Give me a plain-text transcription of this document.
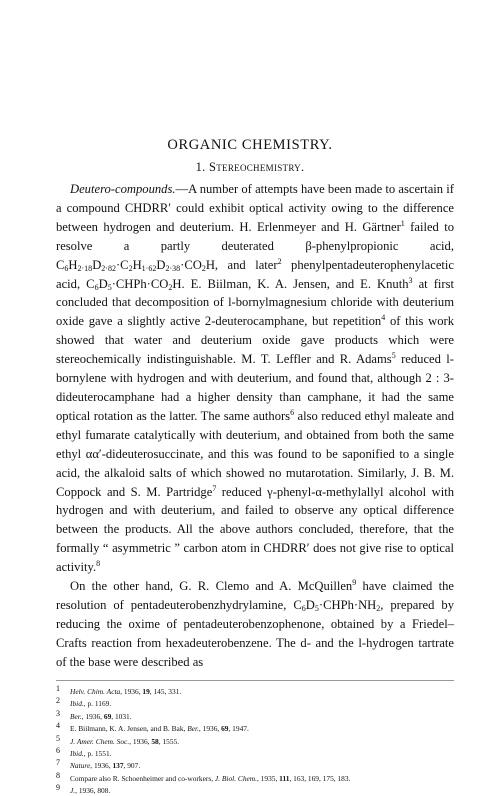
ORGANIC CHEMISTRY.
1. Stereochemistry.

Deutero-compounds.—A number of attempts have been made to ascertain if a compound CHDRR′ could exhibit optical activity owing to the difference between hydrogen and deuterium. H. Erlenmeyer and H. Gärtner$^1$ failed to resolve a partly deuterated β-phenylpropionic acid, $C_6H_{2\cdot 18}D_{2\cdot 82}\cdot C_2H_{1\cdot 62}D_{2\cdot 38}\cdot CO_2H$, and later$^2$ phenylpentadeuterophenylacetic acid, $C_6D_5\cdot CHPh\cdot CO_2H$. E. Biilman, K. A. Jensen, and E. Knuth$^3$ at first concluded that decomposition of l-bornylmagnesium chloride with deuterium oxide gave a slightly active 2-deuterocamphane, but repetition$^4$ of this work showed that water and deuterium oxide gave products which were stereochemically indistinguishable. M. T. Leffler and R. Adams$^5$ reduced l-bornylene with hydrogen and with deuterium, and found that, although 2 : 3-dideuterocamphane had a higher density than camphane, it had the same optical rotation as the latter. The same authors$^6$ also reduced ethyl maleate and ethyl fumarate catalytically with deuterium, and obtained from both the same ethyl αα′-dideuterosuccinate, and this was found to be saponified to a single acid, the alkaloid salts of which showed no mutarotation. Similarly, J. B. M. Coppock and S. M. Partridge$^7$ reduced γ-phenyl-α-methylallyl alcohol with hydrogen and with deuterium, and failed to observe any optical difference between the products. All the above authors concluded, therefore, that the formally “ asymmetric ” carbon atom in CHDRR′ does not give rise to optical activity.$^8$

On the other hand, G. R. Clemo and A. McQuillen$^9$ have claimed the resolution of pentadeuterobenzhydrylamine, $C_6D_5\cdot CHPh\cdot NH_2$, prepared by reducing the oxime of pentadeuterobenzophenone, obtained by a Friedel–Crafts reaction from hexadeuterobenzene. The d- and the l-hydrogen tartrate of the base were described as

1 Helv. Chim. Acta, 1936, 19, 145, 331.
2 Ibid., p. 1169.
3 Ber., 1936, 69, 1031.
4 E. Biilmann, K. A. Jensen, and B. Bak, Ber., 1936, 69, 1947.
5 J. Amer. Chem. Soc., 1936, 58, 1555.
6 Ibid., p. 1551.
7 Nature, 1936, 137, 907.
8 Compare also R. Schoenheimer and co-workers, J. Biol. Chem., 1935, 111, 163, 169, 175, 183.
9 J., 1936, 808.
